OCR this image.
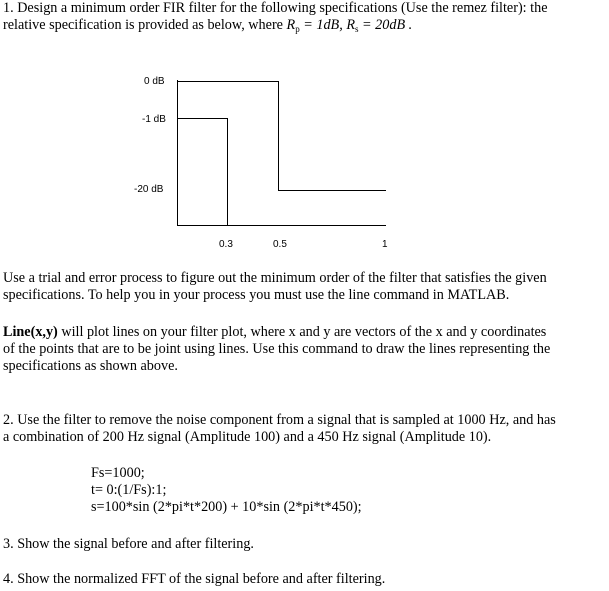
1. Design a minimum order FIR filter for the following specifications (Use the remez filter): the
relative specification is provided as below, where $R_p = 1dB$, $R_s = 20dB$ .
0 dB
-1 dB
-20 dB
0.3	0.5	1
Use a trial and error process to figure out the minimum order of the filter that satisfies the given
specifications. To help you in your process you must use the line command in MATLAB.
Line(x,y) will plot lines on your filter plot, where x and y are vectors of the x and y coordinates
of the points that are to be joint using lines. Use this command to draw the lines representing the
specifications as shown above.
2. Use the filter to remove the noise component from a signal that is sampled at 1000 Hz, and has
a combination of 200 Hz signal (Amplitude 100) and a 450 Hz signal (Amplitude 10).
Fs=1000;
t= 0:(1/Fs):1;
s=100*sin (2*pi*t*200) + 10*sin (2*pi*t*450);
3. Show the signal before and after filtering.
4. Show the normalized FFT of the signal before and after filtering.
